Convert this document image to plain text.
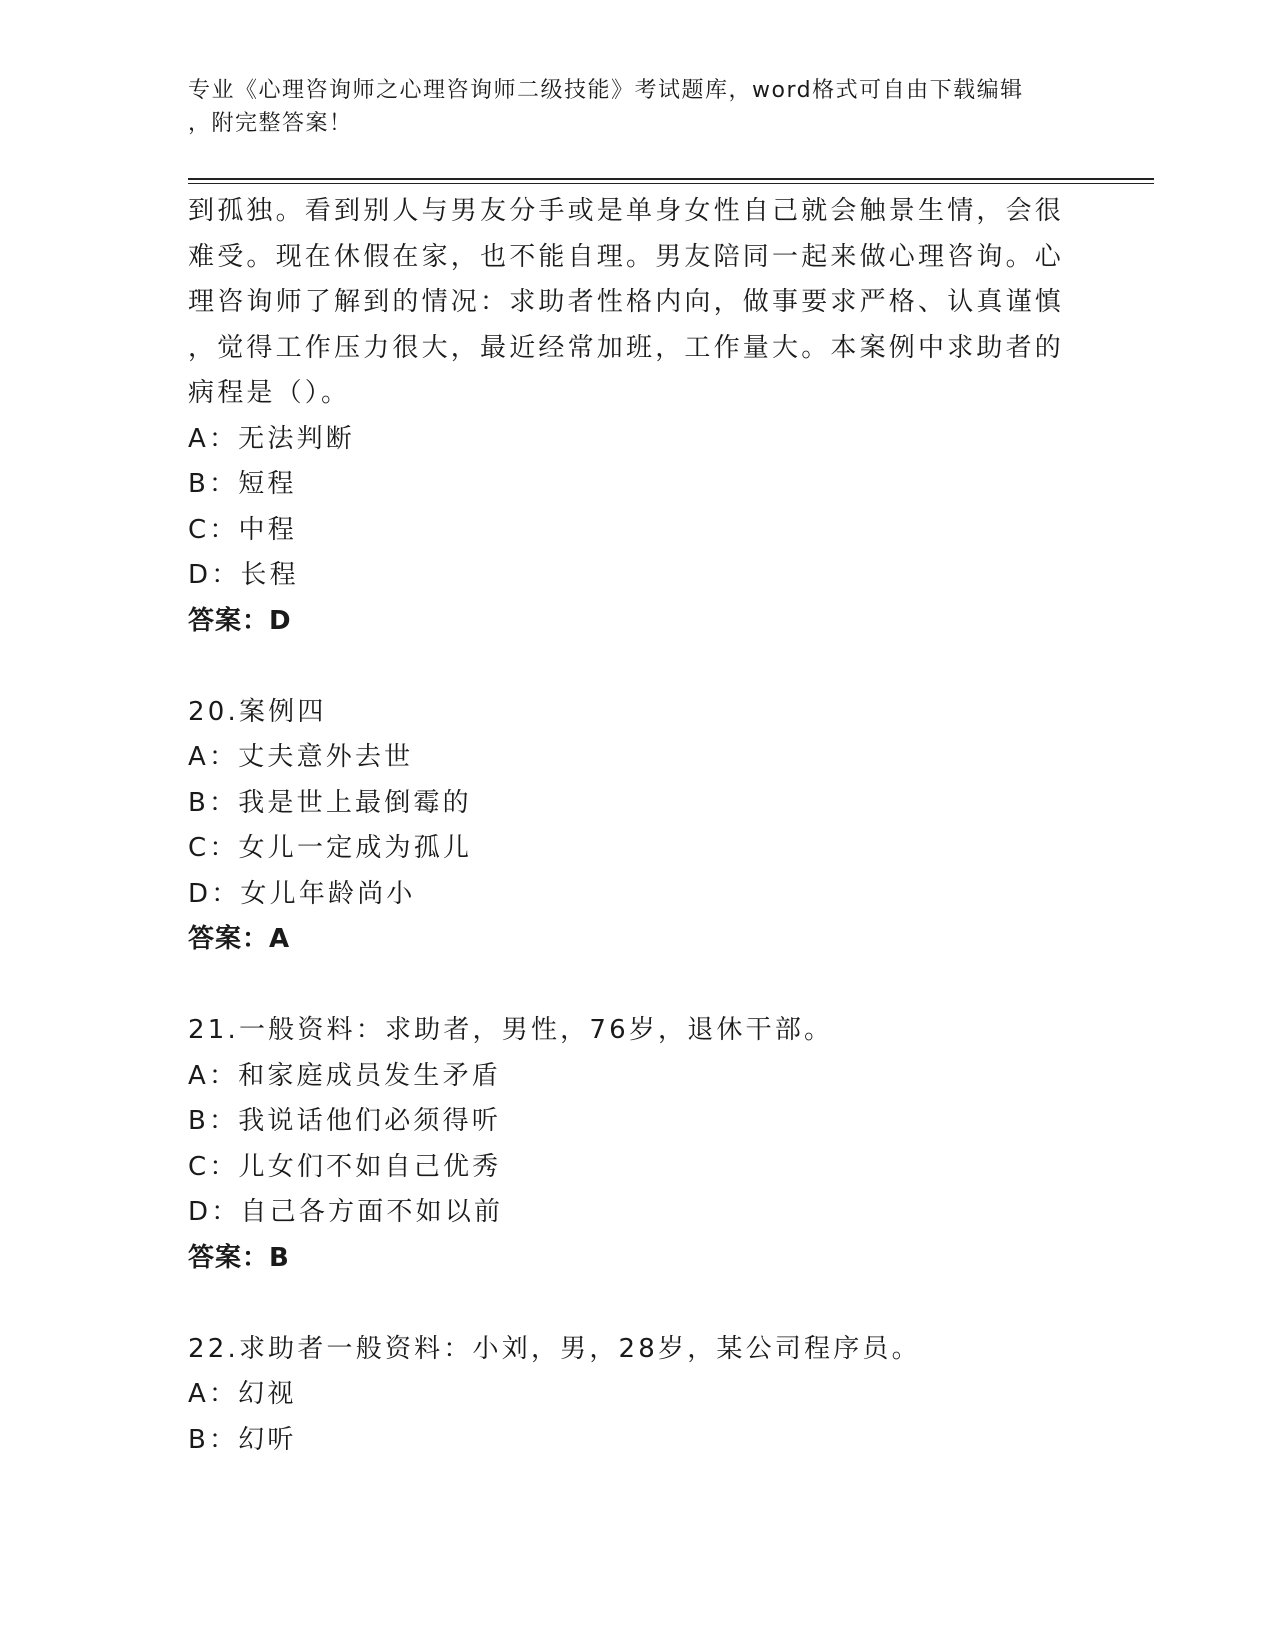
专业《心理咨询师之心理咨询师二级技能》考试题库，word格式可自由下载编辑
，附完整答案！
到孤独。看到别人与男友分手或是单身女性自己就会触景生情，会很
难受。现在休假在家，也不能自理。男友陪同一起来做心理咨询。心
理咨询师了解到的情况：求助者性格内向，做事要求严格、认真谨慎
，觉得工作压力很大，最近经常加班，工作量大。本案例中求助者的
病程是（）。
A：无法判断
B：短程
C：中程
D：长程
答案：D
20.案例四
A：丈夫意外去世
B：我是世上最倒霉的
C：女儿一定成为孤儿
D：女儿年龄尚小
答案：A
21.一般资料：求助者，男性，76岁，退休干部。
A：和家庭成员发生矛盾
B：我说话他们必须得听
C：儿女们不如自己优秀
D：自己各方面不如以前
答案：B
22.求助者一般资料：小刘，男，28岁，某公司程序员。
A：幻视
B：幻听
